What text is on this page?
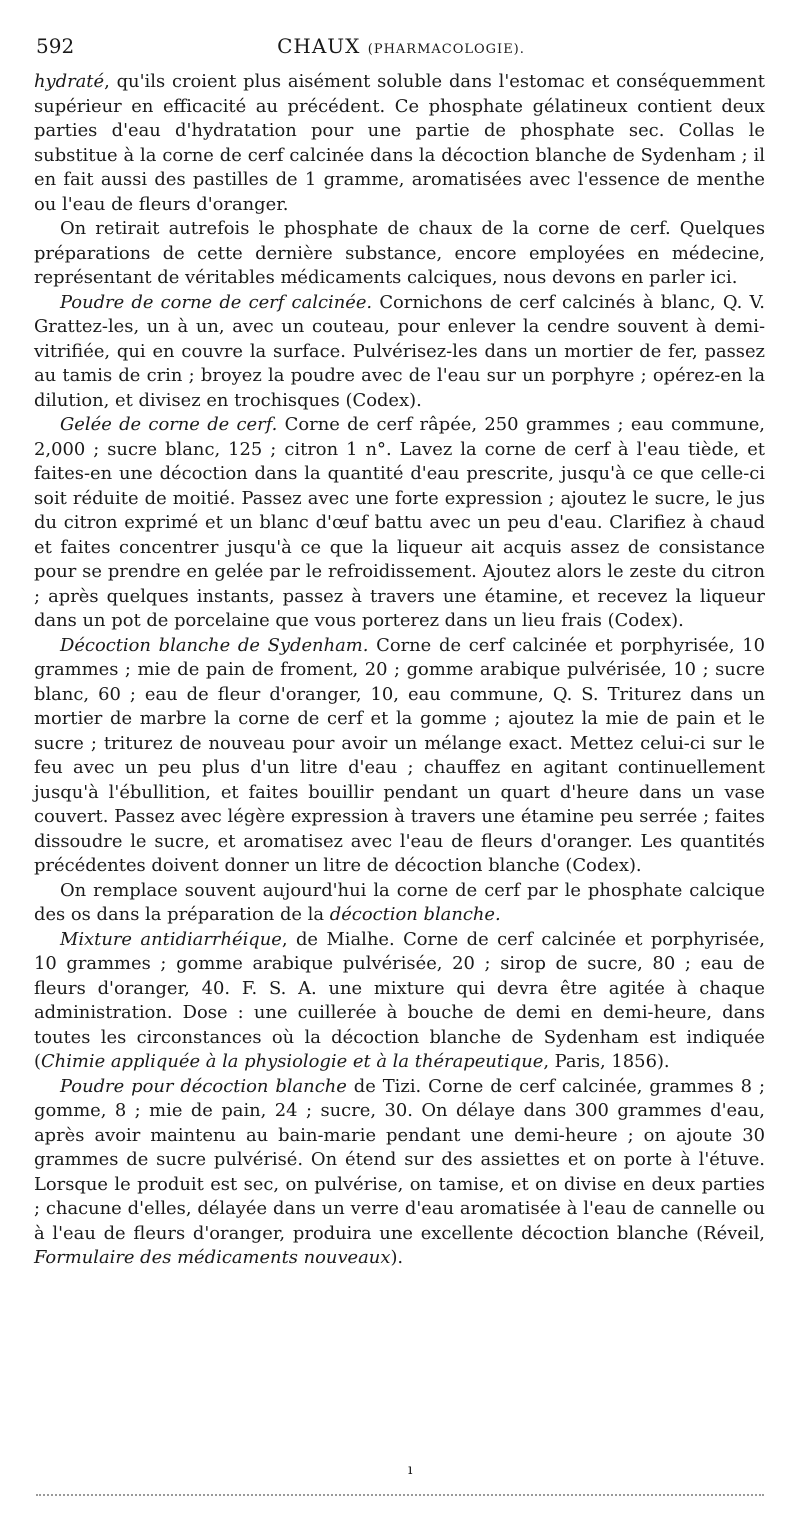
592	CHAUX (PHARMACOLOGIE).

hydraté, qu'ils croient plus aisément soluble dans l'estomac et conséquemment supérieur en efficacité au précédent. Ce phosphate gélatineux contient deux parties d'eau d'hydratation pour une partie de phosphate sec. Collas le substitue à la corne de cerf calcinée dans la décoction blanche de Sydenham ; il en fait aussi des pastilles de 1 gramme, aromatisées avec l'essence de menthe ou l'eau de fleurs d'oranger.

On retirait autrefois le phosphate de chaux de la corne de cerf. Quelques préparations de cette dernière substance, encore employées en médecine, représentant de véritables médicaments calciques, nous devons en parler ici.

Poudre de corne de cerf calcinée. Cornichons de cerf calcinés à blanc, Q. V. Grattez-les, un à un, avec un couteau, pour enlever la cendre souvent à demi-vitrifiée, qui en couvre la surface. Pulvérisez-les dans un mortier de fer, passez au tamis de crin ; broyez la poudre avec de l'eau sur un porphyre ; opérez-en la dilution, et divisez en trochisques (Codex).

Gelée de corne de cerf. Corne de cerf râpée, 250 grammes ; eau commune, 2,000 ; sucre blanc, 125 ; citron 1 n°. Lavez la corne de cerf à l'eau tiède, et faites-en une décoction dans la quantité d'eau prescrite, jusqu'à ce que celle-ci soit réduite de moitié. Passez avec une forte expression ; ajoutez le sucre, le jus du citron exprimé et un blanc d'œuf battu avec un peu d'eau. Clarifiez à chaud et faites concentrer jusqu'à ce que la liqueur ait acquis assez de consistance pour se prendre en gelée par le refroidissement. Ajoutez alors le zeste du citron ; après quelques instants, passez à travers une étamine, et recevez la liqueur dans un pot de porcelaine que vous porterez dans un lieu frais (Codex).

Décoction blanche de Sydenham. Corne de cerf calcinée et porphyrisée, 10 grammes ; mie de pain de froment, 20 ; gomme arabique pulvérisée, 10 ; sucre blanc, 60 ; eau de fleur d'oranger, 10, eau commune, Q. S. Triturez dans un mortier de marbre la corne de cerf et la gomme ; ajoutez la mie de pain et le sucre ; triturez de nouveau pour avoir un mélange exact. Mettez celui-ci sur le feu avec un peu plus d'un litre d'eau ; chauffez en agitant continuellement jusqu'à l'ébullition, et faites bouillir pendant un quart d'heure dans un vase couvert. Passez avec légère expression à travers une étamine peu serrée ; faites dissoudre le sucre, et aromatisez avec l'eau de fleurs d'oranger. Les quantités précédentes doivent donner un litre de décoction blanche (Codex).

On remplace souvent aujourd'hui la corne de cerf par le phosphate calcique des os dans la préparation de la décoction blanche.

Mixture antidiarrhéique, de Mialhe. Corne de cerf calcinée et porphyrisée, 10 grammes ; gomme arabique pulvérisée, 20 ; sirop de sucre, 80 ; eau de fleurs d'oranger, 40. F. S. A. une mixture qui devra être agitée à chaque administration. Dose : une cuillerée à bouche de demi en demi-heure, dans toutes les circonstances où la décoction blanche de Sydenham est indiquée (Chimie appliquée à la physiologie et à la thérapeutique, Paris, 1856).

Poudre pour décoction blanche de Tizi. Corne de cerf calcinée, grammes 8 ; gomme, 8 ; mie de pain, 24 ; sucre, 30. On délaye dans 300 grammes d'eau, après avoir maintenu au bain-marie pendant une demi-heure ; on ajoute 30 grammes de sucre pulvérisé. On étend sur des assiettes et on porte à l'étuve. Lorsque le produit est sec, on pulvérise, on tamise, et on divise en deux parties ; chacune d'elles, délayée dans un verre d'eau aromatisée à l'eau de cannelle ou à l'eau de fleurs d'oranger, produira une excellente décoction blanche (Réveil, Formulaire des médicaments nouveaux).

ı
